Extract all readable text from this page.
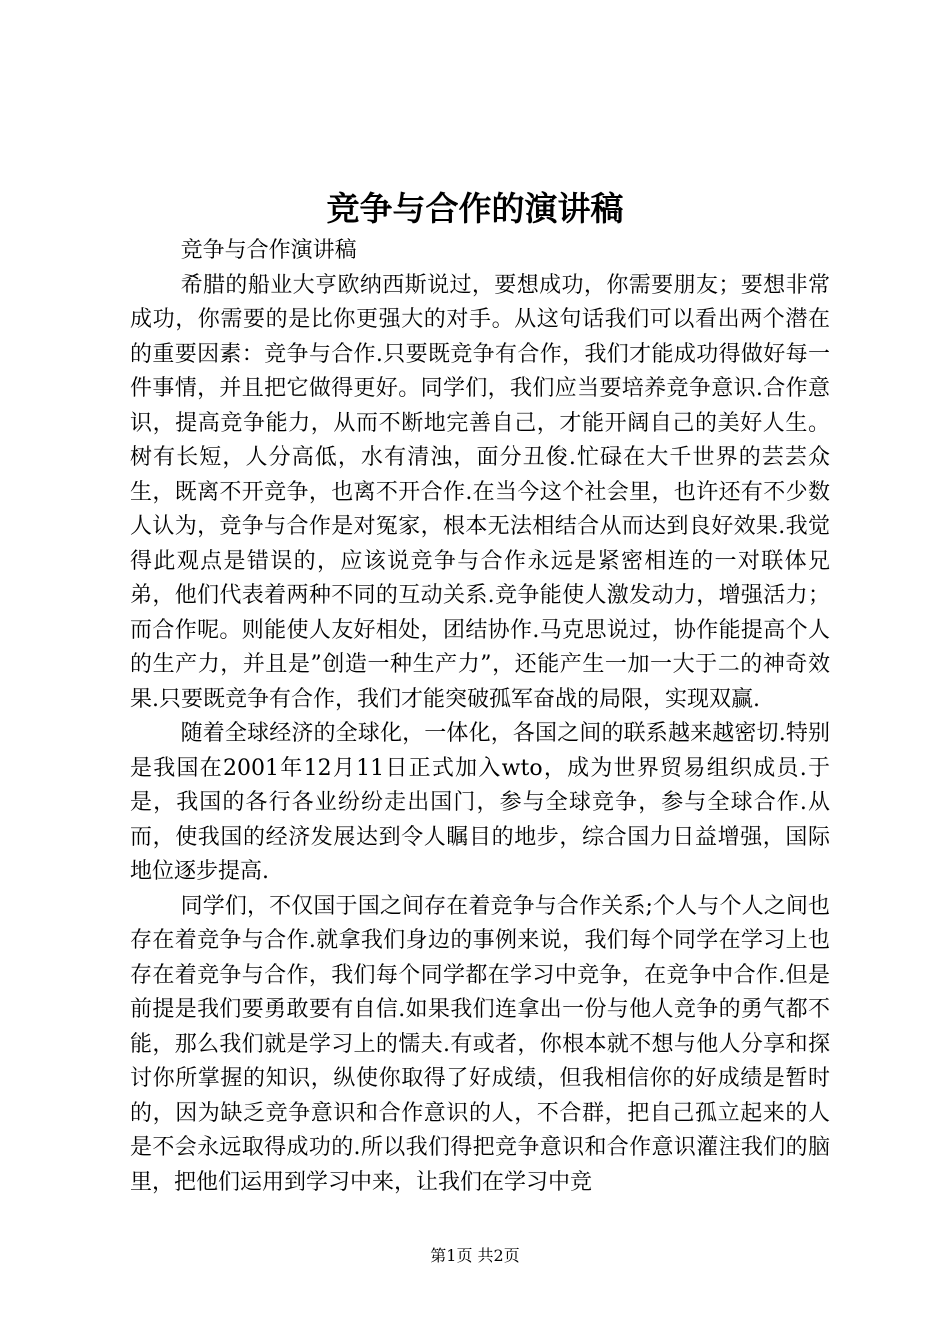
竞争与合作的演讲稿

竞争与合作演讲稿

希腊的船业大亨欧纳西斯说过，要想成功，你需要朋友；要想非常成功，你需要的是比你更强大的对手。从这句话我们可以看出两个潜在的重要因素：竞争与合作.只要既竞争有合作，我们才能成功得做好每一件事情，并且把它做得更好。同学们，我们应当要培养竞争意识.合作意识，提高竞争能力，从而不断地完善自己，才能开阔自己的美好人生。树有长短，人分高低，水有清浊，面分丑俊.忙碌在大千世界的芸芸众生，既离不开竞争，也离不开合作.在当今这个社会里，也许还有不少数人认为，竞争与合作是对冤家，根本无法相结合从而达到良好效果.我觉得此观点是错误的，应该说竞争与合作永远是紧密相连的一对联体兄弟，他们代表着两种不同的互动关系.竞争能使人激发动力，增强活力；而合作呢。则能使人友好相处，团结协作.马克思说过，协作能提高个人的生产力，并且是”创造一种生产力”，还能产生一加一大于二的神奇效果.只要既竞争有合作，我们才能突破孤军奋战的局限，实现双赢.

随着全球经济的全球化，一体化，各国之间的联系越来越密切.特别是我国在2001年12月11日正式加入wto，成为世界贸易组织成员.于是，我国的各行各业纷纷走出国门，参与全球竞争，参与全球合作.从而，使我国的经济发展达到令人瞩目的地步，综合国力日益增强，国际地位逐步提高.

同学们，不仅国于国之间存在着竞争与合作关系;个人与个人之间也存在着竞争与合作.就拿我们身边的事例来说，我们每个同学在学习上也存在着竞争与合作，我们每个同学都在学习中竞争，在竞争中合作.但是前提是我们要勇敢要有自信.如果我们连拿出一份与他人竞争的勇气都不能，那么我们就是学习上的懦夫.有或者，你根本就不想与他人分享和探讨你所掌握的知识，纵使你取得了好成绩，但我相信你的好成绩是暂时的，因为缺乏竞争意识和合作意识的人，不合群，把自己孤立起来的人是不会永远取得成功的.所以我们得把竞争意识和合作意识灌注我们的脑里，把他们运用到学习中来，让我们在学习中竞

第1页 共2页
